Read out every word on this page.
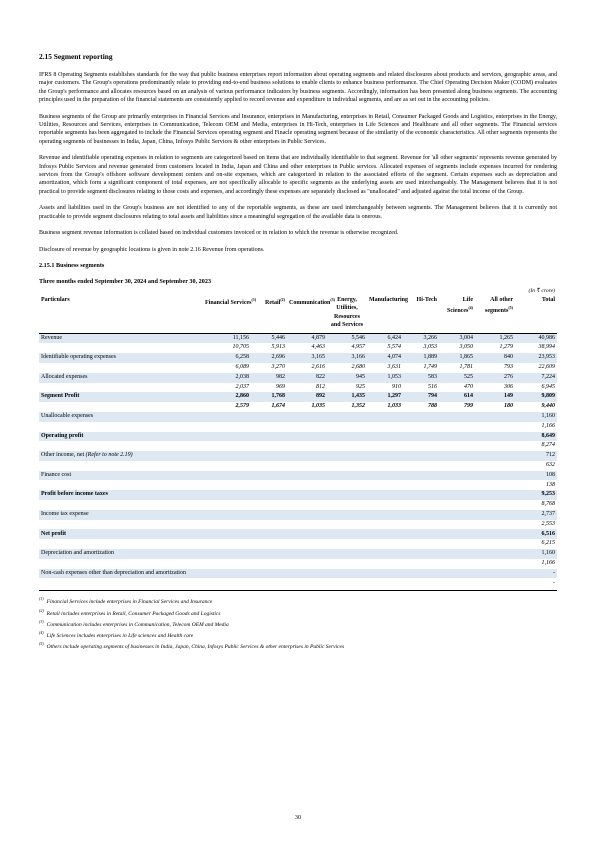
2.15 Segment reporting

IFRS 8 Operating Segments establishes standards for the way that public business enterprises report information about operating segments and related disclosures about products and services, geographic areas, and major customers. The Group's operations predominantly relate to providing end-to-end business solutions to enable clients to enhance business performance. The Chief Operating Decision Maker (CODM) evaluates the Group's performance and allocates resources based on an analysis of various performance indicators by business segments. Accordingly, information has been presented along business segments. The accounting principles used in the preparation of the financial statements are consistently applied to record revenue and expenditure in individual segments, and are as set out in the accounting policies.

Business segments of the Group are primarily enterprises in Financial Services and Insurance, enterprises in Manufacturing, enterprises in Retail, Consumer Packaged Goods and Logistics, enterprises in the Energy, Utilities, Resources and Services, enterprises in Communication, Telecom OEM and Media, enterprises in Hi-Tech, enterprises in Life Sciences and Healthcare and all other segments. The Financial services reportable segments has been aggregated to include the Financial Services operating segment and Finacle operating segment because of the similarity of the economic characteristics. All other segments represents the operating segments of businesses in India, Japan, China, Infosys Public Services & other enterprises in Public Services.

Revenue and identifiable operating expenses in relation to segments are categorized based on items that are individually identifiable to that segment. Revenue for 'all other segments' represents revenue generated by Infosys Public Services and revenue generated from customers located in India, Japan and China and other enterprises in Public services. Allocated expenses of segments include expenses incurred for rendering services from the Group's offshore software development centers and on-site expenses, which are categorized in relation to the associated efforts of the segment. Certain expenses such as depreciation and amortization, which form a significant component of total expenses, are not specifically allocable to specific segments as the underlying assets are used interchangeably. The Management believes that it is not practical to provide segment disclosures relating to those costs and expenses, and accordingly these expenses are separately disclosed as "unallocated" and adjusted against the total income of the Group.

Assets and liabilities used in the Group's business are not identified to any of the reportable segments, as these are used interchangeably between segments. The Management believes that it is currently not practicable to provide segment disclosures relating to total assets and liabilities since a meaningful segregation of the available data is onerous.

Business segment revenue information is collated based on individual customers invoiced or in relation to which the revenue is otherwise recognized.

Disclosure of revenue by geographic locations is given in note 2.16 Revenue from operations.

2.15.1 Business segments
Three months ended September 30, 2024 and September 30, 2023
(In ₹ crore)
Particulars	Financial Services$^{(1)}$	Retail$^{(2)}$	Communication$^{(3)}$	Energy, Utilities, Resources and Services	Manufacturing	Hi-Tech	Life Sciences$^{(4)}$	All other segments$^{(5)}$	Total
Revenue	11,156	5,446	4,879	5,546	6,424	3,266	3,004	1,265	40,986
	10,705	5,913	4,463	4,957	5,574	3,053	3,050	1,279	38,994
Identifiable operating expenses	6,258	2,696	3,165	3,166	4,074	1,889	1,865	840	23,953
	6,089	3,270	2,616	2,680	3,631	1,749	1,781	793	22,609
Allocated expenses	2,038	982	822	945	1,053	583	525	276	7,224
	2,037	969	812	925	910	516	470	306	6,945
Segment Profit	2,860	1,768	892	1,435	1,297	794	614	149	9,809
	2,579	1,674	1,035	1,352	1,033	788	799	180	9,440
Unallocable expenses	1,160								
	1,166								
Operating profit	8,649								
	8,274								
Other income, net (Refer to note 2.19)	712								
	632								
Finance cost	108								
	138								
Profit before income taxes	9,253								
	8,768								
Income tax expense	2,737								
	2,553								
Net profit	6,516								
	6,215								
Depreciation and amortization	1,160								
	1,166								
Non-cash expenses other than depreciation and amortization	-								
	-								
$^{(1)}$Financial Services include enterprises in Financial Services and Insurance
$^{(2)}$Retail includes enterprises in Retail, Consumer Packaged Goods and Logistics
$^{(3)}$Communication includes enterprises in Communication, Telecom OEM and Media
$^{(4)}$Life Sciences includes enterprises in Life sciences and Health care
$^{(5)}$Others include operating segments of businesses in India, Japan, China, Infosys Public Services & other enterprises in Public Services
30
